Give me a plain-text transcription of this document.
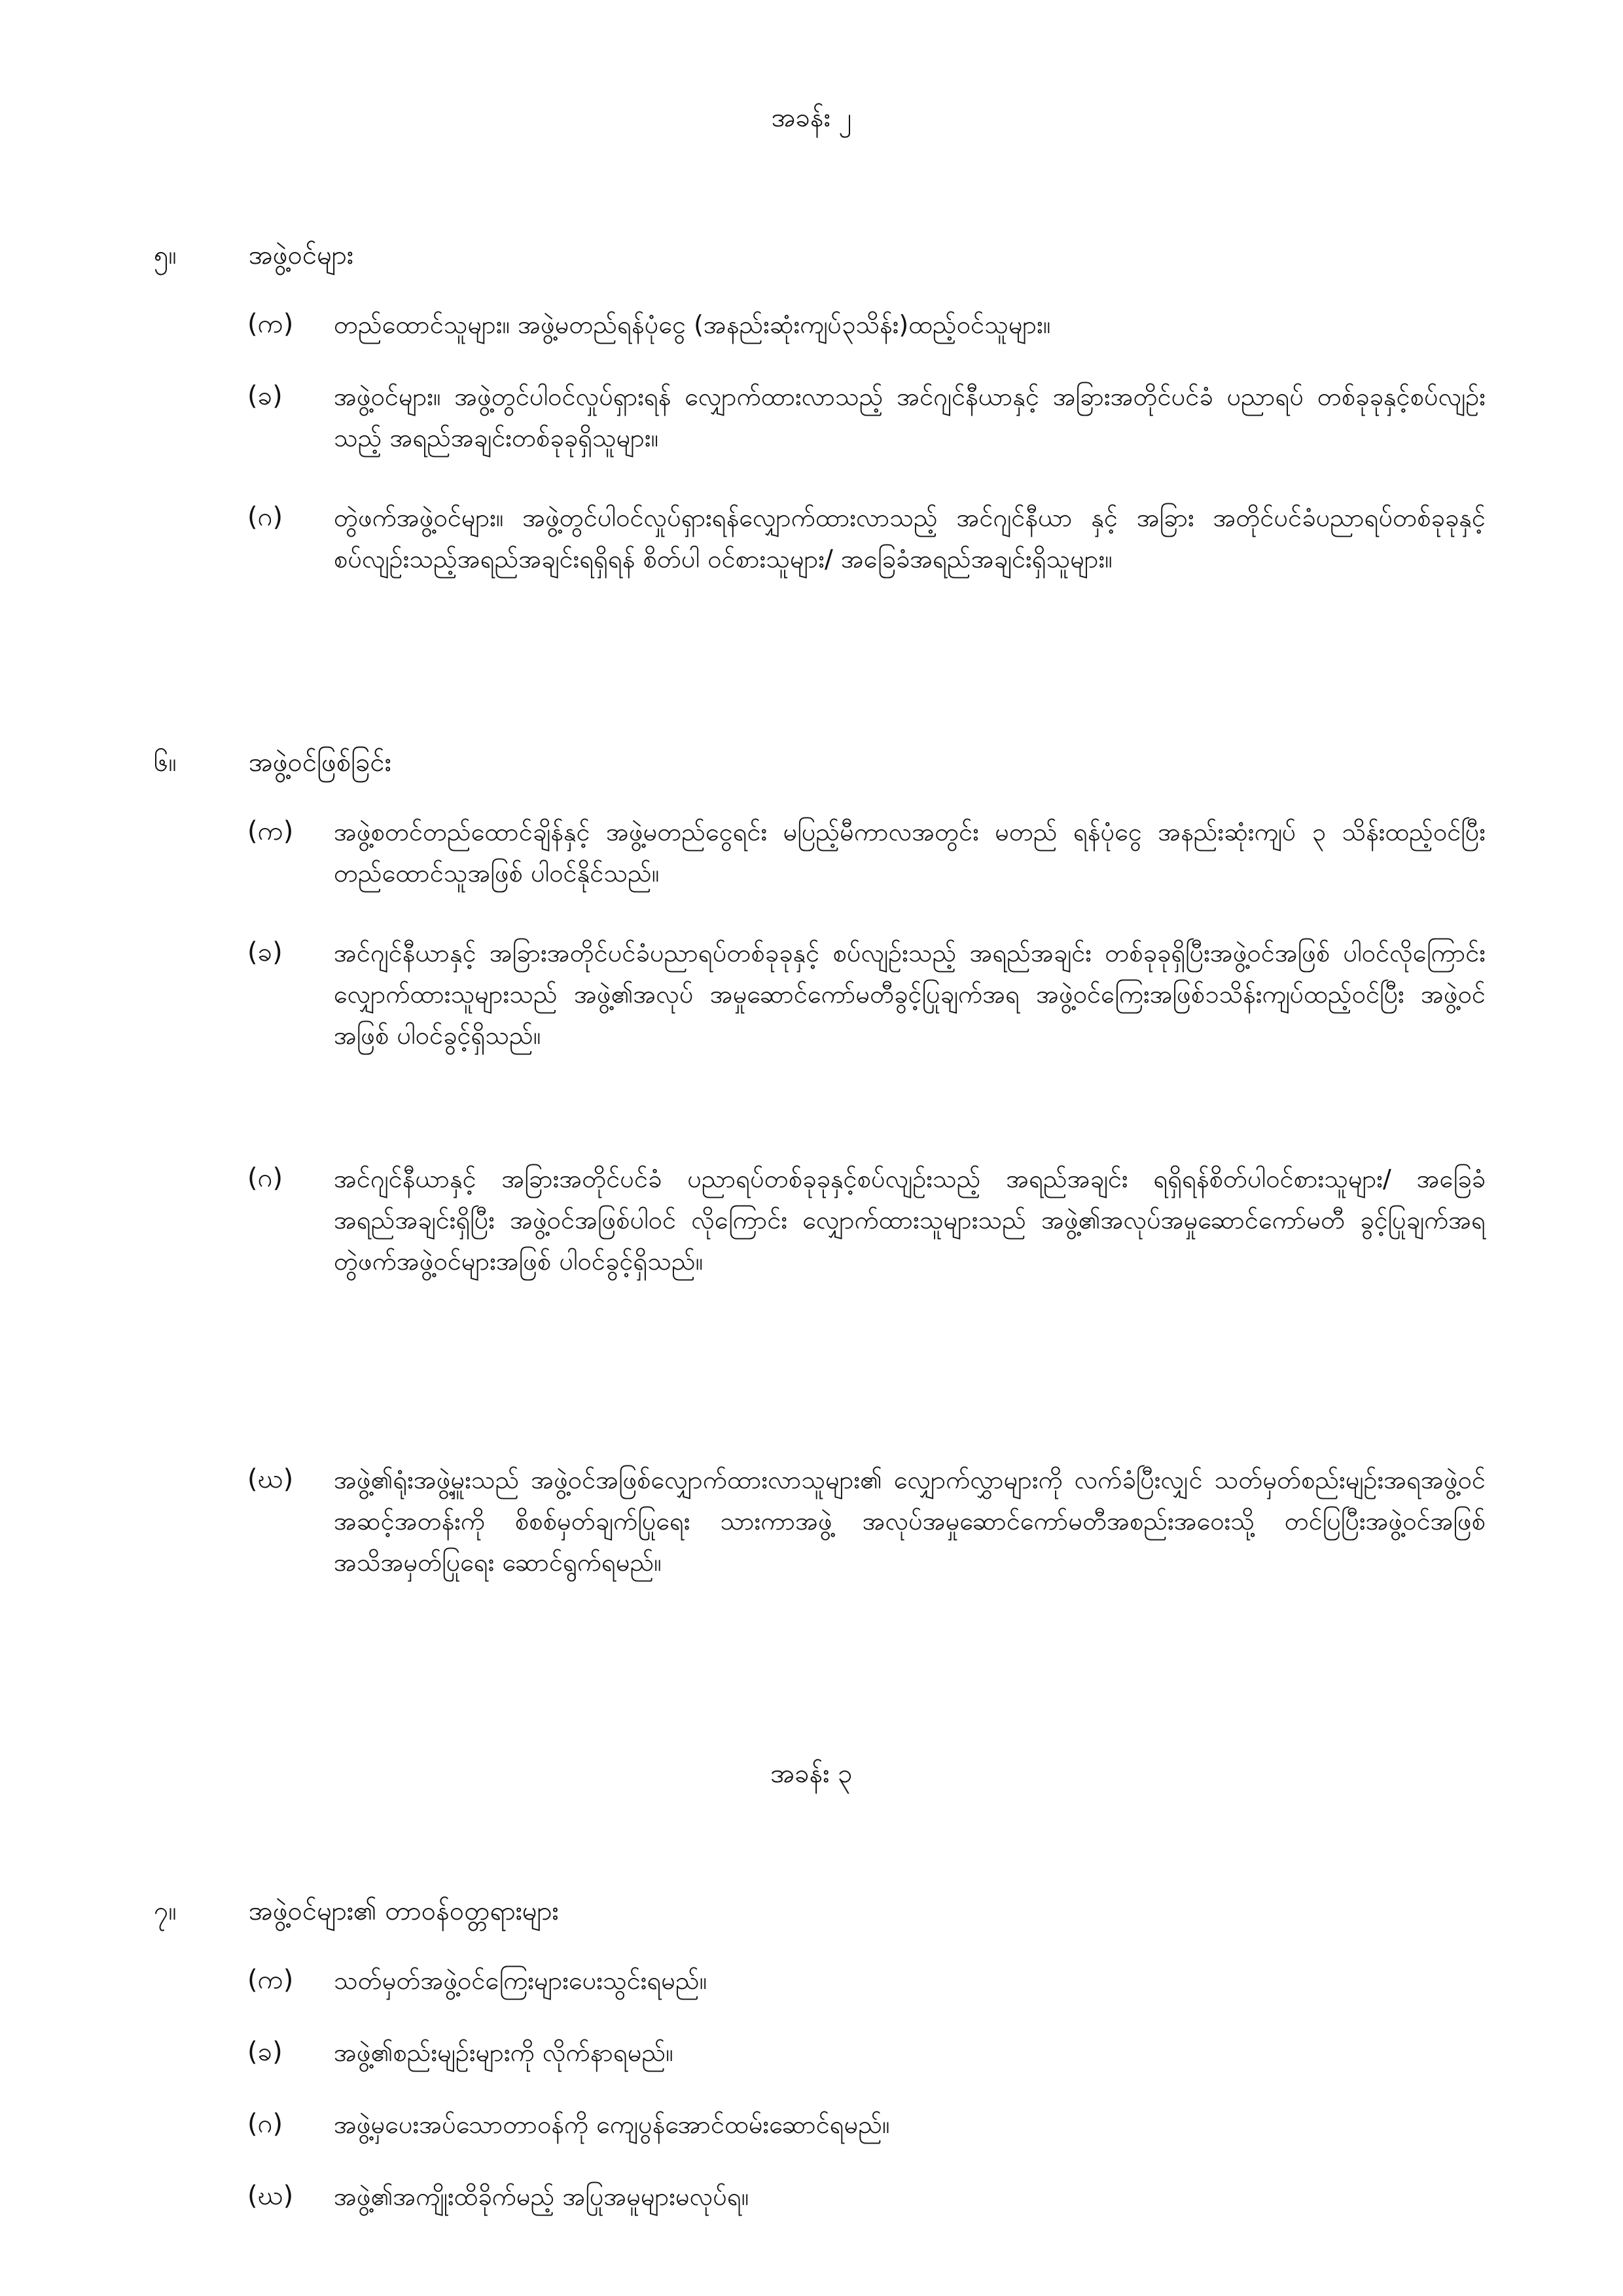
အခန်း ၂
၅။	အဖွဲ့ဝင်များ
(က)	တည်ထောင်သူများ။ အဖွဲ့မတည်ရန်ပုံငွေ (အနည်းဆုံးကျပ်၃သိန်း)ထည့်ဝင်သူများ။
(ခ)	အဖွဲ့ဝင်များ။ အဖွဲ့တွင်ပါဝင်လှုပ်ရှားရန် လျှောက်ထားလာသည့် အင်ဂျင်နီယာနှင့် အခြားအတိုင်ပင်ခံ ပညာရပ် တစ်ခုခုနှင့်စပ်လျဉ်းသည့် အရည်အချင်းတစ်ခုခုရှိသူများ။
(ဂ)	တွဲဖက်အဖွဲ့ဝင်များ။ အဖွဲ့တွင်ပါဝင်လှုပ်ရှားရန်လျှောက်ထားလာသည့် အင်ဂျင်နီယာ နှင့် အခြား အတိုင်ပင်ခံပညာရပ်တစ်ခုခုနှင့် စပ်လျဉ်းသည့်အရည်အချင်းရရှိရန် စိတ်ပါ ဝင်စားသူများ/ အခြေခံအရည်အချင်းရှိသူများ။
၆။	အဖွဲ့ဝင်ဖြစ်ခြင်း
(က)	အဖွဲ့စတင်တည်ထောင်ချိန်နှင့် အဖွဲ့မတည်ငွေရင်း မပြည့်မီကာလအတွင်း မတည် ရန်ပုံငွေ အနည်းဆုံးကျပ် ၃ သိန်းထည့်ဝင်ပြီး တည်ထောင်သူအဖြစ် ပါဝင်နိုင်သည်။
(ခ)	အင်ဂျင်နီယာနှင့် အခြားအတိုင်ပင်ခံပညာရပ်တစ်ခုခုနှင့် စပ်လျဉ်းသည့် အရည်အချင်း တစ်ခုခုရှိပြီးအဖွဲ့ဝင်အဖြစ် ပါဝင်လိုကြောင်းလျှောက်ထားသူများသည် အဖွဲ့၏အလုပ် အမှုဆောင်ကော်မတီခွင့်ပြုချက်အရ အဖွဲ့ဝင်ကြေးအဖြစ်၁သိန်းကျပ်ထည့်ဝင်ပြီး အဖွဲ့ဝင်အဖြစ် ပါဝင်ခွင့်ရှိသည်။
(ဂ)	အင်ဂျင်နီယာနှင့် အခြားအတိုင်ပင်ခံ ပညာရပ်တစ်ခုခုနှင့်စပ်လျဉ်းသည့် အရည်အချင်း ရရှိရန်စိတ်ပါဝင်စားသူများ/ အခြေခံအရည်အချင်းရှိပြီး အဖွဲ့ဝင်အဖြစ်ပါဝင် လိုကြောင်း လျှောက်ထားသူများသည် အဖွဲ့၏အလုပ်အမှုဆောင်ကော်မတီ ခွင့်ပြုချက်အရ တွဲဖက်အဖွဲ့ဝင်များအဖြစ် ပါဝင်ခွင့်ရှိသည်။
(ဃ)	အဖွဲ့၏ရုံးအဖွဲ့မှူးသည် အဖွဲ့ဝင်အဖြစ်လျှောက်ထားလာသူများ၏ လျှောက်လွှာများကို လက်ခံပြီးလျှင် သတ်မှတ်စည်းမျဉ်းအရအဖွဲ့ဝင်အဆင့်အတန်းကို စိစစ်မှတ်ချက်ပြုရေး သားကာအဖွဲ့ အလုပ်အမှုဆောင်ကော်မတီအစည်းအဝေးသို့ တင်ပြပြီးအဖွဲ့ဝင်အဖြစ် အသိအမှတ်ပြုရေး ဆောင်ရွက်ရမည်။
အခန်း ၃
၇။	အဖွဲ့ဝင်များ၏ တာဝန်ဝတ္တရားများ
(က)	သတ်မှတ်အဖွဲ့ဝင်ကြေးများပေးသွင်းရမည်။
(ခ)	အဖွဲ့၏စည်းမျဉ်းများကို လိုက်နာရမည်။
(ဂ)	အဖွဲ့မှပေးအပ်သောတာဝန်ကို ကျေပွန်အောင်ထမ်းဆောင်ရမည်။
(ဃ)	အဖွဲ့၏အကျိုးထိခိုက်မည့် အပြုအမူများမလုပ်ရ။
